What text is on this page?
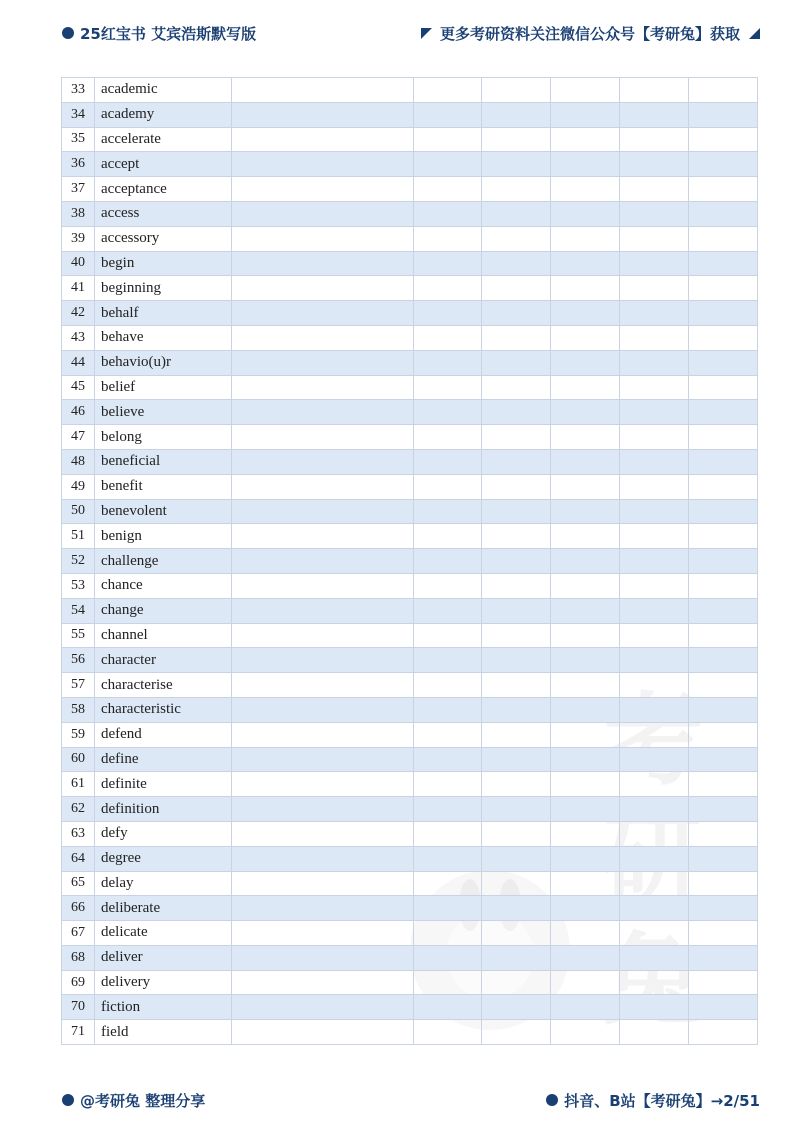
25红宝书 艾宾浩斯默写版	更多考研资料关注微信公众号【考研兔】获取
考 兔
33	academic						
34	academy						
35	accelerate						
36	accept						
37	acceptance						
38	access						
39	accessory						
40	begin						
41	beginning						
42	behalf						
43	behave						
44	behavio(u)r						
45	belief						
46	believe						
47	belong						
48	beneficial						
49	benefit						
50	benevolent						
51	benign						
52	challenge						
53	chance						
54	change						
55	channel						
56	character						
57	characterise						
58	characteristic						
59	defend						
60	define						
61	definite						
62	definition						
63	defy						
64	degree						
65	delay						
66	deliberate						
67	delicate						
68	deliver						
69	delivery						
70	fiction						
71	field						
@考研兔 整理分享	抖音、B站【考研兔】→2/51
